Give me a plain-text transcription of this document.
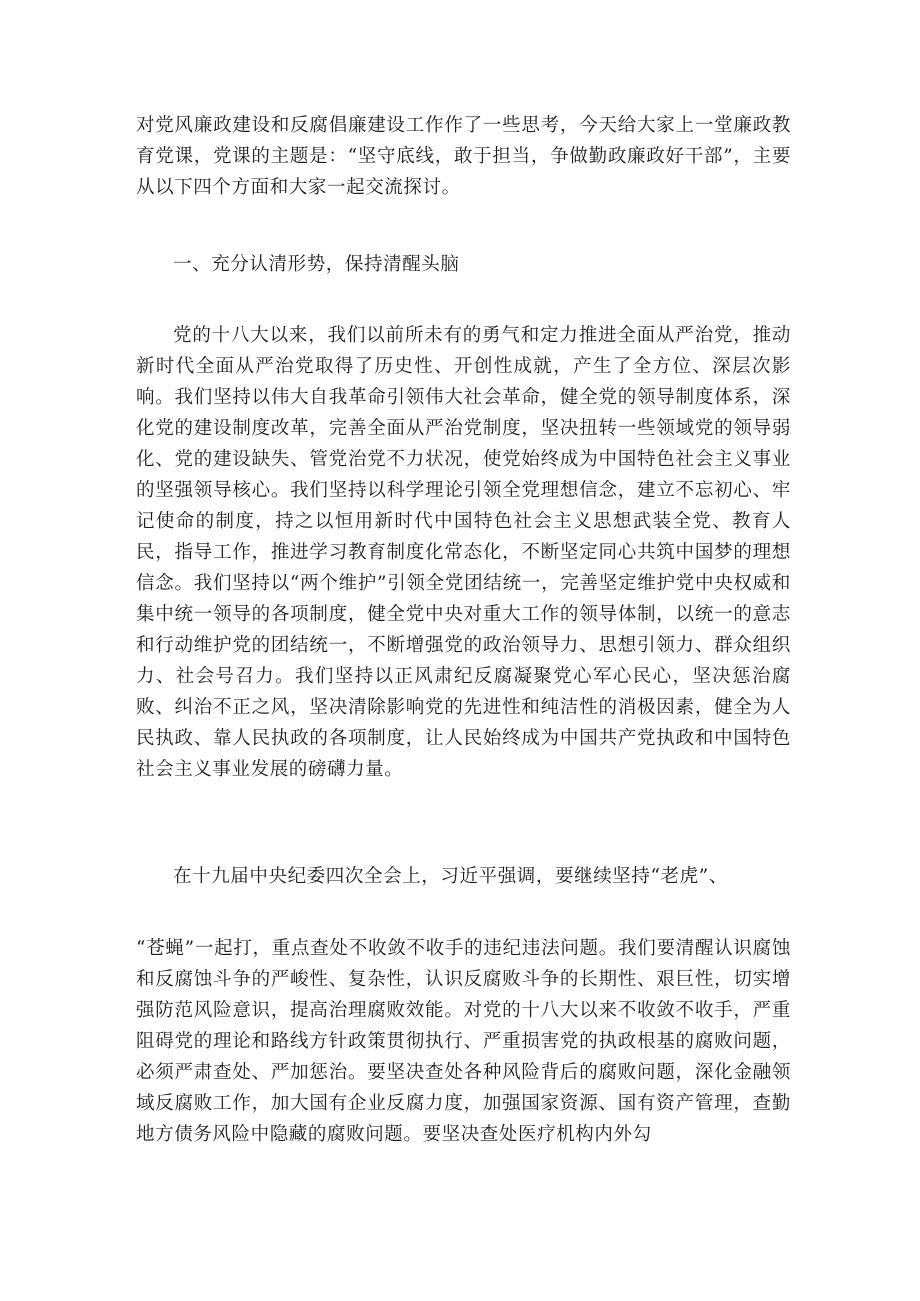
对党风廉政建设和反腐倡廉建设工作作了一些思考，今天给大家上一堂廉政教育党课，党课的主题是：“坚守底线，敢于担当，争做勤政廉政好干部”，主要从以下四个方面和大家一起交流探讨。

一、充分认清形势，保持清醒头脑

党的十八大以来，我们以前所未有的勇气和定力推进全面从严治党，推动新时代全面从严治党取得了历史性、开创性成就，产生了全方位、深层次影响。我们坚持以伟大自我革命引领伟大社会革命，健全党的领导制度体系，深化党的建设制度改革，完善全面从严治党制度，坚决扭转一些领域党的领导弱化、党的建设缺失、管党治党不力状况，使党始终成为中国特色社会主义事业的坚强领导核心。我们坚持以科学理论引领全党理想信念，建立不忘初心、牢记使命的制度，持之以恒用新时代中国特色社会主义思想武装全党、教育人民，指导工作，推进学习教育制度化常态化，不断坚定同心共筑中国梦的理想信念。我们坚持以“两个维护”引领全党团结统一，完善坚定维护党中央权威和集中统一领导的各项制度，健全党中央对重大工作的领导体制，以统一的意志和行动维护党的团结统一，不断增强党的政治领导力、思想引领力、群众组织力、社会号召力。我们坚持以正风肃纪反腐凝聚党心军心民心，坚决惩治腐败、纠治不正之风，坚决清除影响党的先进性和纯洁性的消极因素，健全为人民执政、靠人民执政的各项制度，让人民始终成为中国共产党执政和中国特色社会主义事业发展的磅礴力量。

在十九届中央纪委四次全会上，习近平强调，要继续坚持“老虎”、

“苍蝇”一起打，重点查处不收敛不收手的违纪违法问题。我们要清醒认识腐蚀和反腐蚀斗争的严峻性、复杂性，认识反腐败斗争的长期性、艰巨性，切实增强防范风险意识，提高治理腐败效能。对党的十八大以来不收敛不收手，严重阻碍党的理论和路线方针政策贯彻执行、严重损害党的执政根基的腐败问题，必须严肃查处、严加惩治。要坚决查处各种风险背后的腐败问题，深化金融领域反腐败工作，加大国有企业反腐力度，加强国家资源、国有资产管理，查勤地方债务风险中隐藏的腐败问题。要坚决查处医疗机构内外勾
